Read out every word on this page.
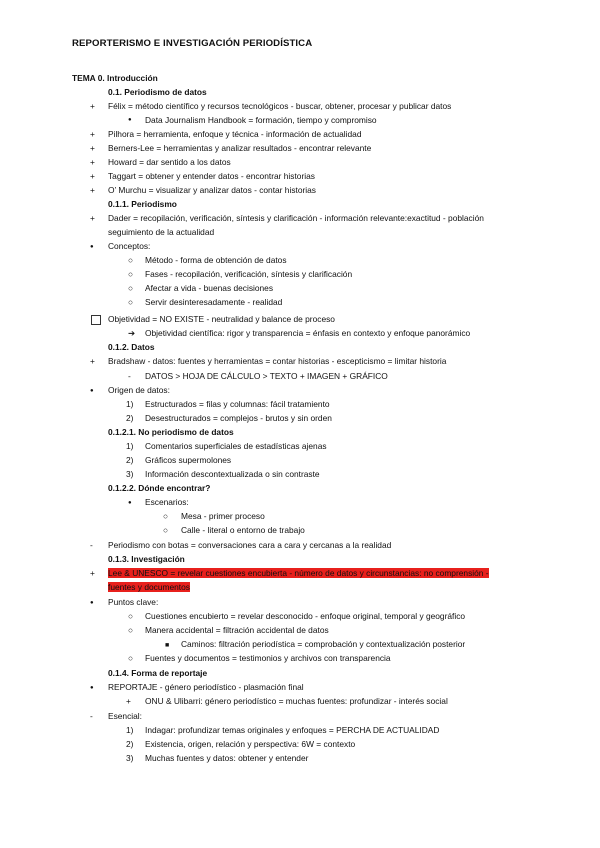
REPORTERISMO E INVESTIGACIÓN PERIODÍSTICA
TEMA 0. Introducción
0.1. Periodismo de datos
+ Félix = método científico y recursos tecnológicos - buscar, obtener, procesar y publicar datos
● Data Journalism Handbook = formación, tiempo y compromiso
+ Pilhora = herramienta, enfoque y técnica - información de actualidad
+ Berners-Lee = herramientas y analizar resultados - encontrar relevante
+ Howard = dar sentido a los datos
+ Taggart = obtener y entender datos - encontrar historias
+ O’ Murchu = visualizar y analizar datos - contar historias
0.1.1. Periodismo
+ Dader = recopilación, verificación, síntesis y clarificación - información relevante:exactitud - población
seguimiento de la actualidad
● Conceptos:
○ Método - forma de obtención de datos
○ Fases - recopilación, verificación, síntesis y clarificación
○ Afectar a vida - buenas decisiones
○ Servir desinteresadamente - realidad
Objetividad = NO EXISTE - neutralidad y balance de proceso
➔ Objetividad científica: rigor y transparencia = énfasis en contexto y enfoque panorámico
0.1.2. Datos
+ Bradshaw - datos: fuentes y herramientas = contar historias - escepticismo = limitar historia
- DATOS > HOJA DE CÁLCULO > TEXTO + IMAGEN + GRÁFICO
● Origen de datos:
1) Estructurados = filas y columnas: fácil tratamiento
2) Desestructurados = complejos - brutos y sin orden
0.1.2.1. No periodismo de datos
1) Comentarios superficiales de estadísticas ajenas
2) Gráficos supermolones
3) Información descontextualizada o sin contraste
0.1.2.2. Dónde encontrar?
● Escenarios:
○ Mesa - primer proceso
○ Calle - literal o entorno de trabajo
- Periodismo con botas = conversaciones cara a cara y cercanas a la realidad
0.1.3. Investigación
+ Lee & UNESCO = revelar cuestiones encubierta - número de datos y circunstancias: no comprensión -
fuentes y documentos
● Puntos clave:
○ Cuestiones encubierto = revelar desconocido - enfoque original, temporal y geográfico
○ Manera accidental = filtración accidental de datos
■ Caminos: filtración periodística = comprobación y contextualización posterior
○ Fuentes y documentos = testimonios y archivos con transparencia
0.1.4. Forma de reportaje
● REPORTAJE - género periodístico - plasmación final
+ ONU & Ulibarri: género periodístico = muchas fuentes: profundizar - interés social
- Esencial:
1) Indagar: profundizar temas originales y enfoques = PERCHA DE ACTUALIDAD
2) Existencia, origen, relación y perspectiva: 6W = contexto
3) Muchas fuentes y datos: obtener y entender
